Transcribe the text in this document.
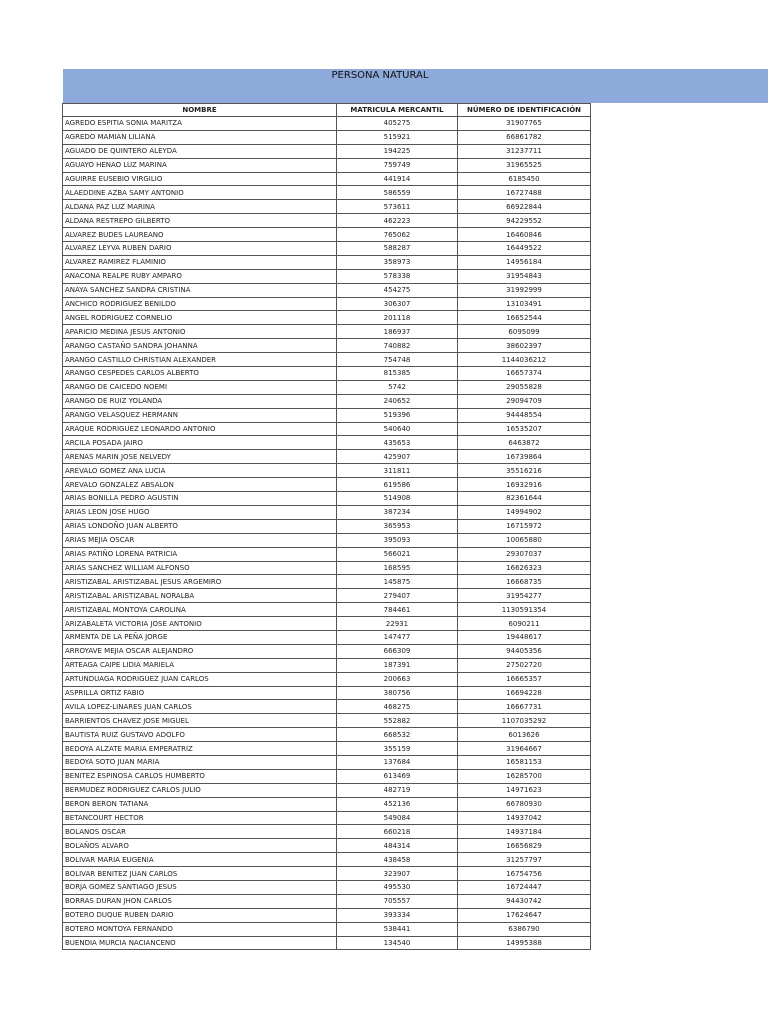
PERSONA NATURAL
NOMBRE	MATRICULA MERCANTIL	NÚMERO DE IDENTIFICACIÓN
AGREDO ESPITIA SONIA MARITZA	405275	31907765
AGREDO MAMIAN LILIANA	515921	66861782
AGUADO DE QUINTERO ALEYDA	194225	31237711
AGUAYO HENAO LUZ MARINA	759749	31965525
AGUIRRE EUSEBIO VIRGILIO	441914	6185450
ALAEDDINE AZBA SAMY ANTONIO	586559	16727488
ALDANA PAZ LUZ MARINA	573611	66922844
ALDANA RESTREPO GILBERTO	462223	94229552
ALVAREZ BUDES LAUREANO	765062	16460846
ALVAREZ LEYVA RUBEN DARIO	588287	16449522
ALVAREZ RAMIREZ FLAMINIO	358973	14956184
ANACONA REALPE RUBY AMPARO	578338	31954843
ANAYA SANCHEZ SANDRA CRISTINA	454275	31992999
ANCHICO RODRIGUEZ BENILDO	306307	13103491
ANGEL RODRIGUEZ CORNELIO	201118	16652544
APARICIO MEDINA JESUS ANTONIO	186937	6095099
ARANGO CASTAÑO SANDRA JOHANNA	740882	38602397
ARANGO CASTILLO CHRISTIAN ALEXANDER	754748	1144036212
ARANGO CESPEDES CARLOS ALBERTO	815385	16657374
ARANGO DE CAICEDO NOEMI	5742	29055828
ARANGO DE RUIZ YOLANDA	240652	29094709
ARANGO VELASQUEZ HERMANN	519396	94448554
ARAQUE RODRIGUEZ LEONARDO ANTONIO	540640	16535207
ARCILA POSADA JAIRO	435653	6463872
ARENAS MARIN JOSE NELVEDY	425907	16739864
AREVALO GOMEZ ANA LUCIA	311811	35516216
AREVALO GONZALEZ ABSALON	619586	16932916
ARIAS BONILLA PEDRO AGUSTIN	514908	82361644
ARIAS LEON JOSE HUGO	387234	14994902
ARIAS LONDOÑO JUAN ALBERTO	365953	16715972
ARIAS MEJIA OSCAR	395093	10065880
ARIAS PATIÑO LORENA PATRICIA	566021	29307037
ARIAS SANCHEZ WILLIAM ALFONSO	168595	16626323
ARISTIZABAL ARISTIZABAL JESUS ARGEMIRO	145875	16668735
ARISTIZABAL ARISTIZABAL NORALBA	279407	31954277
ARISTIZABAL MONTOYA CAROLINA	784461	1130591354
ARIZABALETA VICTORIA JOSE ANTONIO	22931	6090211
ARMENTA DE LA PEÑA JORGE	147477	19448617
ARROYAVE MEJIA OSCAR ALEJANDRO	666309	94405356
ARTEAGA CAIPE LIDIA MARIELA	187391	27502720
ARTUNDUAGA RODRIGUEZ JUAN CARLOS	200663	16665357
ASPRILLA ORTIZ FABIO	380756	16694228
AVILA LOPEZ-LINARES JUAN CARLOS	468275	16667731
BARRIENTOS CHAVEZ JOSE MIGUEL	552882	1107035292
BAUTISTA RUIZ GUSTAVO ADOLFO	668532	6013626
BEDOYA ALZATE MARIA EMPERATRIZ	355159	31964667
BEDOYA SOTO JUAN MARIA	137684	16581153
BENITEZ ESPINOSA CARLOS HUMBERTO	613469	16285700
BERMUDEZ RODRIGUEZ CARLOS JULIO	482719	14971623
BERON BERON TATIANA	452136	66780930
BETANCOURT HECTOR	549084	14937042
BOLANOS OSCAR	660218	14937184
BOLAÑOS ALVARO	484314	16656829
BOLIVAR MARIA EUGENIA	438458	31257797
BOLIVAR BENITEZ JUAN CARLOS	323907	16754756
BORJA GOMEZ SANTIAGO JESUS	495530	16724447
BORRAS DURAN JHON CARLOS	705557	94430742
BOTERO DUQUE RUBEN DARIO	393334	17624647
BOTERO MONTOYA FERNANDO	538441	6386790
BUENDIA MURCIA NACIANCENO	134540	14995388
